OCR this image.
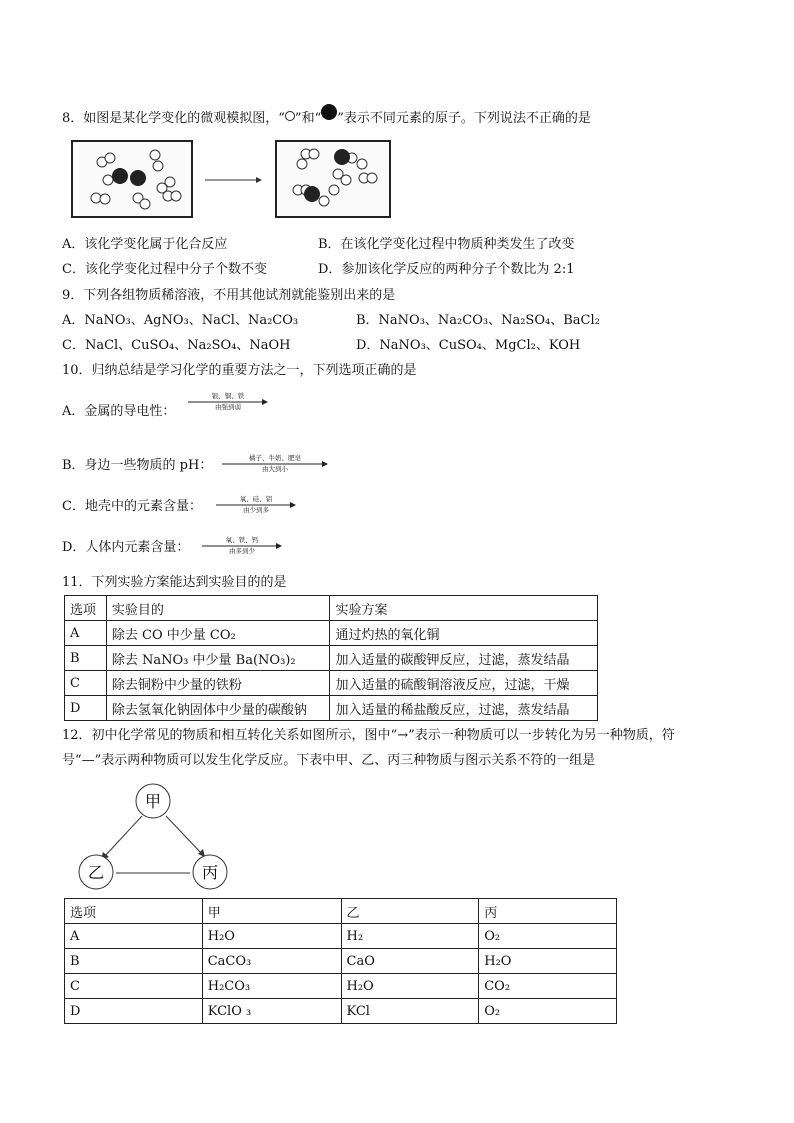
8．如图是某化学变化的微观模拟图，“ ”和“ ”表示不同元素的原子。下列说法不正确的是
A．该化学变化属于化合反应	B．在该化学变化过程中物质种类发生了改变
C．该化学变化过程中分子个数不变	D．参加该化学反应的两种分子个数比为 2:1
9．下列各组物质稀溶液，不用其他试剂就能鉴别出来的是
A．NaNO₃、AgNO₃、NaCl、Na₂CO₃	B．NaNO₃、Na₂CO₃、Na₂SO₄、BaCl₂
C．NaCl、CuSO₄、Na₂SO₄、NaOH	D．NaNO₃、CuSO₄、MgCl₂、KOH
10．归纳总结是学习化学的重要方法之一，下列选项正确的是
A．金属的导电性：
银、铜、铁
由强到弱
B．身边一些物质的 pH：	橘子、牛奶、肥皂
由大到小
C．地壳中的元素含量：	氧、硅、铝
由少到多
D．人体内元素含量：	氧、铁、钙
由多到少
11．下列实验方案能达到实验目的的是
选项	实验目的	实验方案
A	除去 CO 中少量 CO₂	通过灼热的氧化铜
B	除去 NaNO₃ 中少量 Ba(NO₃)₂	加入适量的碳酸钾反应，过滤，蒸发结晶
C	除去铜粉中少量的铁粉	加入适量的硫酸铜溶液反应，过滤，干燥
D	除去氢氧化钠固体中少量的碳酸钠	加入适量的稀盐酸反应，过滤，蒸发结晶
12．初中化学常见的物质和相互转化关系如图所示，图中“→”表示一种物质可以一步转化为另一种物质，符
号“—”表示两种物质可以发生化学反应。下表中甲、乙、丙三种物质与图示关系不符的一组是
甲
乙	丙
选项	甲	乙	丙
A	H₂O	H₂	O₂
B	CaCO₃	CaO	H₂O
C	H₂CO₃	H₂O	CO₂
D	KClO ₃	KCl	O₂
